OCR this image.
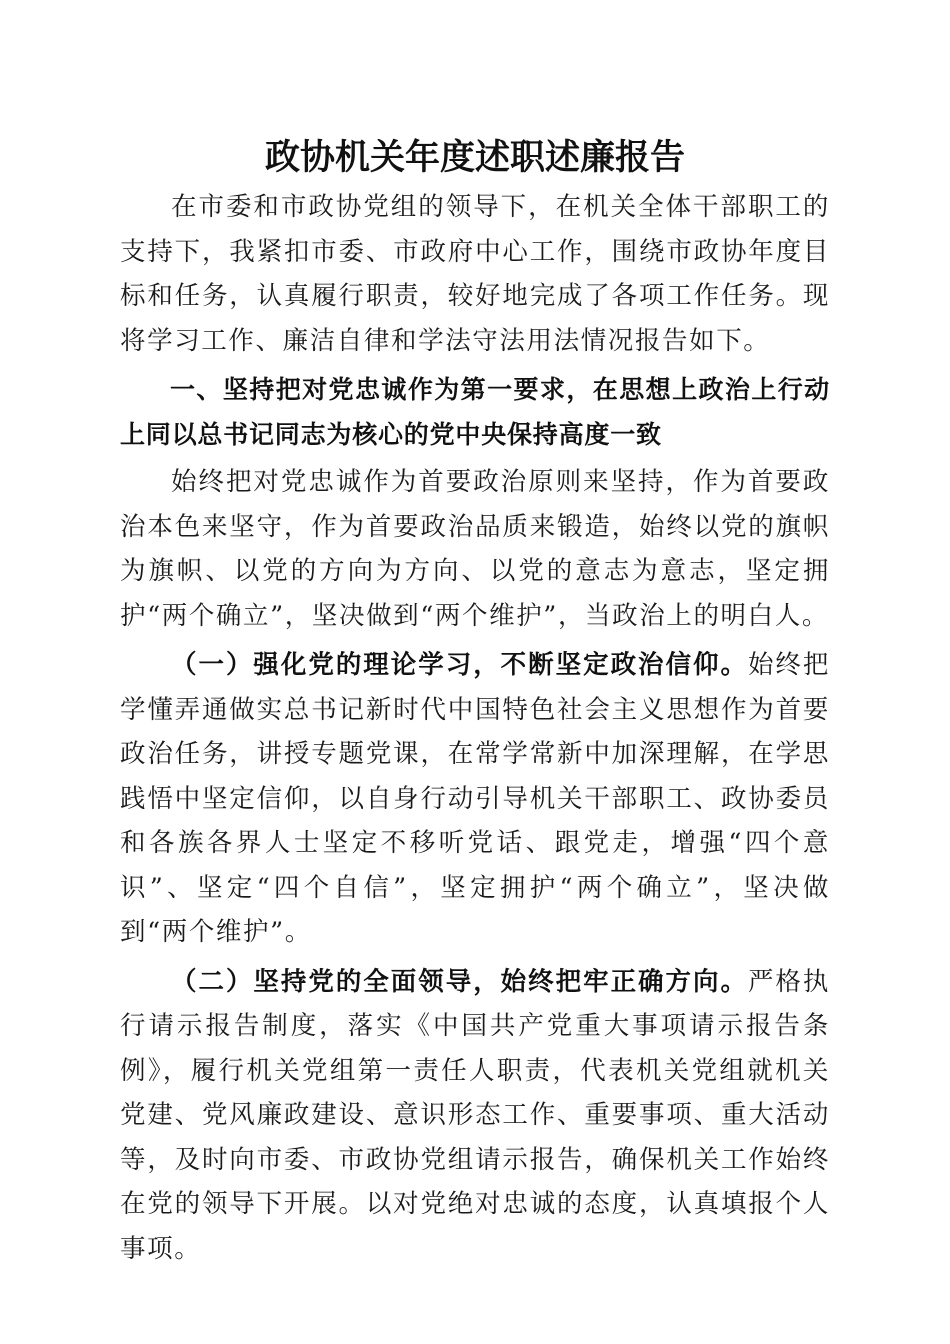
政协机关年度述职述廉报告

在市委和市政协党组的领导下，在机关全体干部职工的支持下，我紧扣市委、市政府中心工作，围绕市政协年度目标和任务，认真履行职责，较好地完成了各项工作任务。现将学习工作、廉洁自律和学法守法用法情况报告如下。

一、坚持把对党忠诚作为第一要求，在思想上政治上行动上同以总书记同志为核心的党中央保持高度一致

始终把对党忠诚作为首要政治原则来坚持，作为首要政治本色来坚守，作为首要政治品质来锻造，始终以党的旗帜为旗帜、以党的方向为方向、以党的意志为意志，坚定拥护“两个确立”，坚决做到“两个维护”，当政治上的明白人。

（一）强化党的理论学习，不断坚定政治信仰。始终把学懂弄通做实总书记新时代中国特色社会主义思想作为首要政治任务，讲授专题党课，在常学常新中加深理解，在学思践悟中坚定信仰，以自身行动引导机关干部职工、政协委员和各族各界人士坚定不移听党话、跟党走，增强“四个意识”、坚定“四个自信”，坚定拥护“两个确立”，坚决做到“两个维护”。

（二）坚持党的全面领导，始终把牢正确方向。严格执行请示报告制度，落实《中国共产党重大事项请示报告条例》，履行机关党组第一责任人职责，代表机关党组就机关党建、党风廉政建设、意识形态工作、重要事项、重大活动等，及时向市委、市政协党组请示报告，确保机关工作始终在党的领导下开展。以对党绝对忠诚的态度，认真填报个人事项。
